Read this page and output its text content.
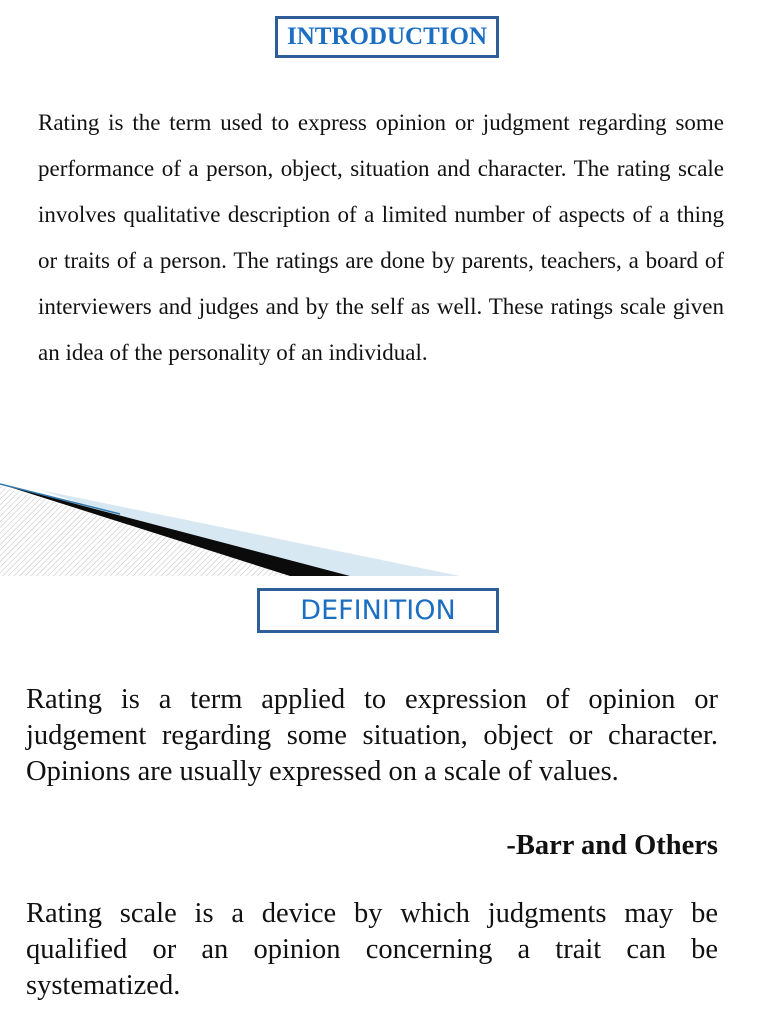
INTRODUCTION

Rating is the term used to express opinion or judgment regarding some performance of a person, object, situation and character. The rating scale involves qualitative description of a limited number of aspects of a thing or traits of a person. The ratings are done by parents, teachers, a board of interviewers and judges and by the self as well. These ratings scale given an idea of the personality of an individual.

DEFINITION

Rating is a term applied to expression of opinion or judgement regarding some situation, object or character. Opinions are usually expressed on a scale of values.

-Barr and Others

Rating scale is a device by which judgments may be qualified or an opinion concerning a trait can be systematized.
